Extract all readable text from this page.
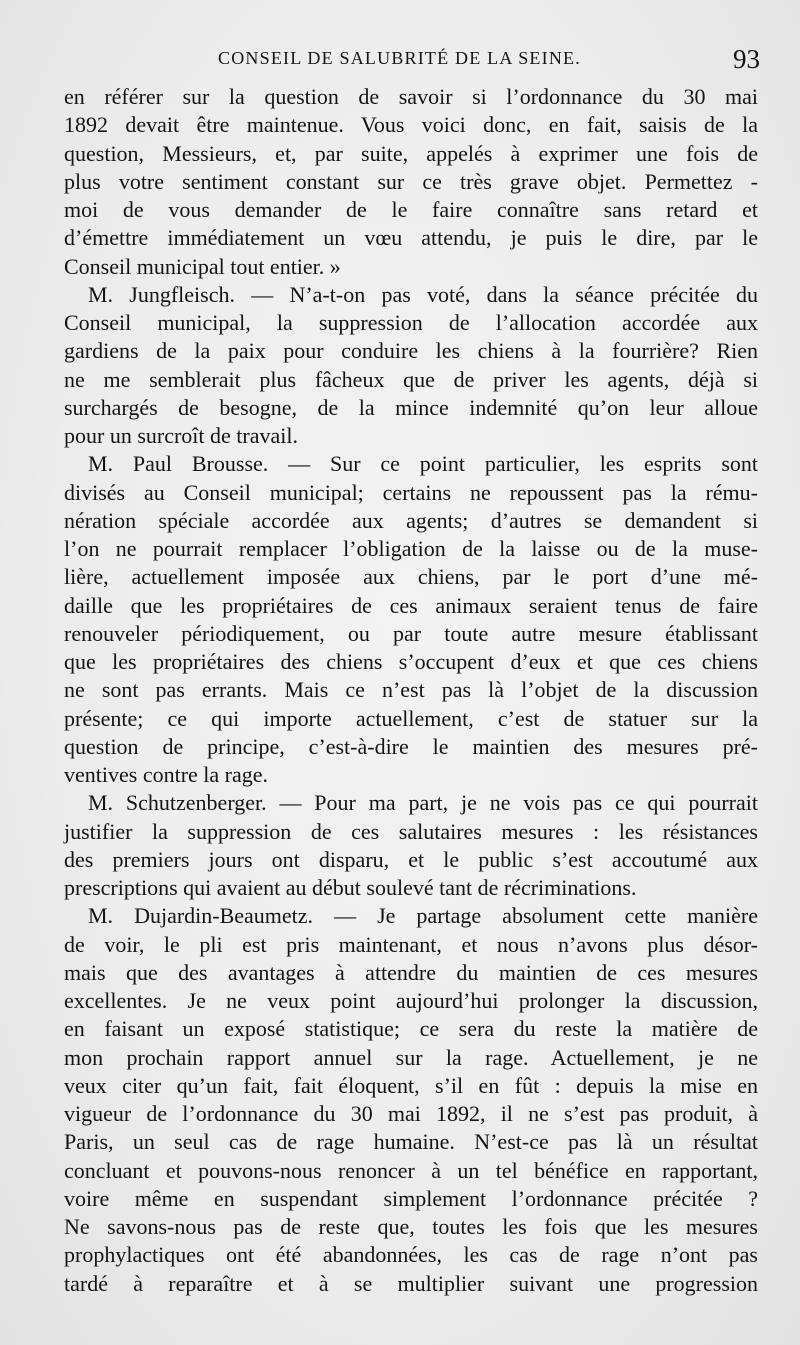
CONSEIL DE SALUBRITÉ DE LA SEINE.	93
en référer sur la question de savoir si l’ordonnance du 30 mai
1892 devait être maintenue. Vous voici donc, en fait, saisis de la
question, Messieurs, et, par suite, appelés à exprimer une fois de
plus votre sentiment constant sur ce très grave objet. Permettez -
moi de vous demander de le faire connaître sans retard et
d’émettre immédiatement un vœu attendu, je puis le dire, par le
Conseil municipal tout entier. »
M. Jungfleisch. — N’a-t-on pas voté, dans la séance précitée du
Conseil municipal, la suppression de l’allocation accordée aux
gardiens de la paix pour conduire les chiens à la fourrière? Rien
ne me semblerait plus fâcheux que de priver les agents, déjà si
surchargés de besogne, de la mince indemnité qu’on leur alloue
pour un surcroît de travail.
M. Paul Brousse. — Sur ce point particulier, les esprits sont
divisés au Conseil municipal; certains ne repoussent pas la rému-
nération spéciale accordée aux agents; d’autres se demandent si
l’on ne pourrait remplacer l’obligation de la laisse ou de la muse-
lière, actuellement imposée aux chiens, par le port d’une mé-
daille que les propriétaires de ces animaux seraient tenus de faire
renouveler périodiquement, ou par toute autre mesure établissant
que les propriétaires des chiens s’occupent d’eux et que ces chiens
ne sont pas errants. Mais ce n’est pas là l’objet de la discussion
présente; ce qui importe actuellement, c’est de statuer sur la
question de principe, c’est-à-dire le maintien des mesures pré-
ventives contre la rage.
M. Schutzenberger. — Pour ma part, je ne vois pas ce qui pourrait
justifier la suppression de ces salutaires mesures : les résistances
des premiers jours ont disparu, et le public s’est accoutumé aux
prescriptions qui avaient au début soulevé tant de récriminations.
M. Dujardin-Beaumetz. — Je partage absolument cette manière
de voir, le pli est pris maintenant, et nous n’avons plus désor-
mais que des avantages à attendre du maintien de ces mesures
excellentes. Je ne veux point aujourd’hui prolonger la discussion,
en faisant un exposé statistique; ce sera du reste la matière de
mon prochain rapport annuel sur la rage. Actuellement, je ne
veux citer qu’un fait, fait éloquent, s’il en fût : depuis la mise en
vigueur de l’ordonnance du 30 mai 1892, il ne s’est pas produit, à
Paris, un seul cas de rage humaine. N’est-ce pas là un résultat
concluant et pouvons-nous renoncer à un tel bénéfice en rapportant,
voire même en suspendant simplement l’ordonnance précitée ?
Ne savons-nous pas de reste que, toutes les fois que les mesures
prophylactiques ont été abandonnées, les cas de rage n’ont pas
tardé à reparaître et à se multiplier suivant une progression
